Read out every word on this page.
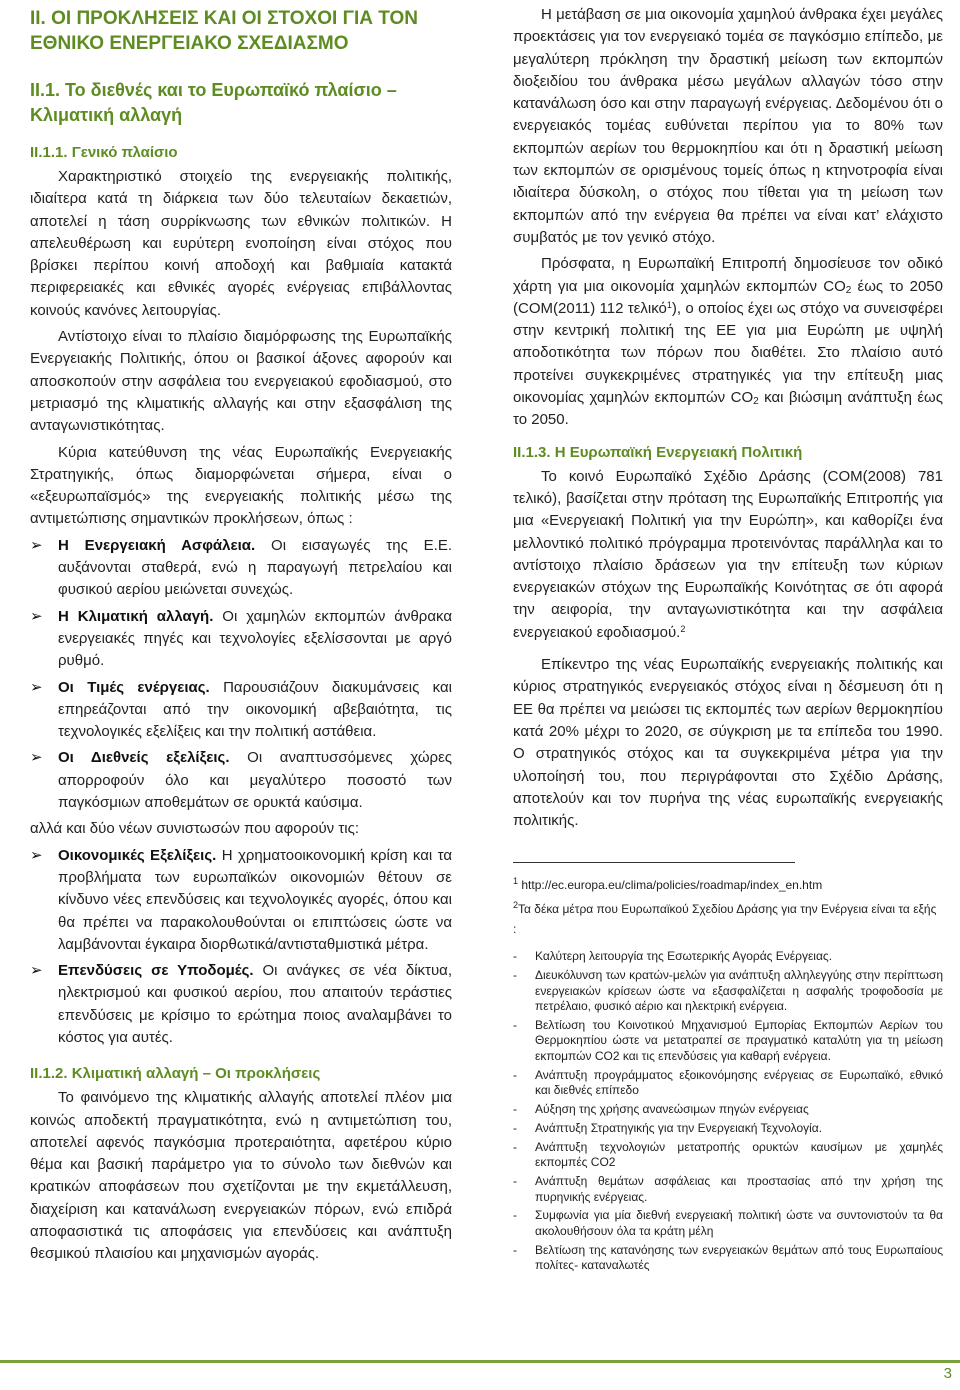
II. ΟΙ ΠΡΟΚΛΗΣΕΙΣ ΚΑΙ ΟΙ ΣΤΟΧΟΙ ΓΙΑ ΤΟΝ ΕΘΝΙΚΟ ΕΝΕΡΓΕΙΑΚΟ ΣΧΕΔΙΑΣΜΟ
ΙΙ.1. Το διεθνές και το Ευρωπαϊκό πλαίσιο – Κλιματική αλλαγή
ΙΙ.1.1. Γενικό πλαίσιο

Χαρακτηριστικό στοιχείο της ενεργειακής πολιτικής, ιδιαίτερα κατά τη διάρκεια των δύο τελευταίων δεκαετιών, αποτελεί η τάση συρρίκνωσης των εθνικών πολιτικών. Η απελευθέρωση και ευρύτερη ενοποίηση είναι στόχος που βρίσκει περίπου κοινή αποδοχή και βαθμιαία κατακτά περιφερειακές και εθνικές αγορές ενέργειας επιβάλλοντας κοινούς κανόνες λειτουργίας.

Αντίστοιχο είναι το πλαίσιο διαμόρφωσης της Ευρωπαϊκής Ενεργειακής Πολιτικής, όπου οι βασικοί άξονες αφορούν και αποσκοπούν στην ασφάλεια του ενεργειακού εφοδιασμού, στο μετριασμό της κλιματικής αλλαγής και στην εξασφάλιση της ανταγωνιστικότητας.

Κύρια κατεύθυνση της νέας Ευρωπαϊκής Ενεργειακής Στρατηγικής, όπως διαμορφώνεται σήμερα, είναι ο «εξευρωπαϊσμός» της ενεργειακής πολιτικής μέσω της αντιμετώπισης σημαντικών προκλήσεων, όπως :

➢ Η Ενεργειακή Ασφάλεια. Οι εισαγωγές της Ε.Ε. αυξάνονται σταθερά, ενώ η παραγωγή πετρελαίου και φυσικού αερίου μειώνεται συνεχώς.
➢ Η Κλιματική αλλαγή. Οι χαμηλών εκπομπών άνθρακα ενεργειακές πηγές και τεχνολογίες εξελίσσονται με αργό ρυθμό.
➢ Οι Τιμές ενέργειας. Παρουσιάζουν διακυμάνσεις και επηρεάζονται από την οικονομική αβεβαιότητα, τις τεχνολογικές εξελίξεις και την πολιτική αστάθεια.
➢ Οι Διεθνείς εξελίξεις. Οι αναπτυσσόμενες χώρες απορροφούν όλο και μεγαλύτερο ποσοστό των παγκόσμιων αποθεμάτων σε ορυκτά καύσιμα.

αλλά και δύο νέων συνιστωσών που αφορούν τις:

➢ Οικονομικές Εξελίξεις. Η χρηματοοικονομική κρίση και τα προβλήματα των ευρωπαϊκών οικονομιών θέτουν σε κίνδυνο νέες επενδύσεις και τεχνολογικές αγορές, όπου και θα πρέπει να παρακολουθούνται οι επιπτώσεις ώστε να λαμβάνονται έγκαιρα διορθωτικά/αντισταθμιστικά μέτρα.
➢ Επενδύσεις σε Υποδομές. Οι ανάγκες σε νέα δίκτυα, ηλεκτρισμού και φυσικού αερίου, που απαιτούν τεράστιες επενδύσεις με κρίσιμο το ερώτημα ποιος αναλαμβάνει το κόστος για αυτές.
ΙΙ.1.2. Κλιματική αλλαγή – Οι προκλήσεις

Το φαινόμενο της κλιματικής αλλαγής αποτελεί πλέον μια κοινώς αποδεκτή πραγματικότητα, ενώ η αντιμετώπιση του, αποτελεί αφενός παγκόσμια προτεραιότητα, αφετέρου κύριο θέμα και βασική παράμετρο για το σύνολο των διεθνών και κρατικών αποφάσεων που σχετίζονται με την εκμετάλλευση, διαχείριση και κατανάλωση ενεργειακών πόρων, ενώ επιδρά αποφασιστικά τις αποφάσεις για επενδύσεις και ανάπτυξη θεσμικού πλαισίου και μηχανισμών αγοράς.

Η μετάβαση σε μια οικονομία χαμηλού άνθρακα έχει μεγάλες προεκτάσεις για τον ενεργειακό τομέα σε παγκόσμιο επίπεδο, με μεγαλύτερη πρόκληση την δραστική μείωση των εκπομπών διοξειδίου του άνθρακα μέσω μεγάλων αλλαγών τόσο στην κατανάλωση όσο και στην παραγωγή ενέργειας. Δεδομένου ότι ο ενεργειακός τομέας ευθύνεται περίπου για το 80% των εκπομπών αερίων του θερμοκηπίου και ότι η δραστική μείωση των εκπομπών σε ορισμένους τομείς όπως η κτηνοτροφία είναι ιδιαίτερα δύσκολη, ο στόχος που τίθεται για τη μείωση των εκπομπών από την ενέργεια θα πρέπει να είναι κατ’ ελάχιστο συμβατός με τον γενικό στόχο.

Πρόσφατα, η Ευρωπαϊκή Επιτροπή δημοσίευσε τον οδικό χάρτη για μια οικονομία χαμηλών εκπομπών $CO_2$ έως το 2050 (COM(2011) 112 τελικό$^1$), ο οποίος έχει ως στόχο να συνεισφέρει στην κεντρική πολιτική της ΕΕ για μια Ευρώπη με υψηλή αποδοτικότητα των πόρων που διαθέτει. Στο πλαίσιο αυτό προτείνει συγκεκριμένες στρατηγικές για την επίτευξη μιας οικονομίας χαμηλών εκπομπών $CO_2$ και βιώσιμη ανάπτυξη έως το 2050.

ΙΙ.1.3. Η Ευρωπαϊκή Ενεργειακή Πολιτική

Το κοινό Ευρωπαϊκό Σχέδιο Δράσης (COM(2008) 781 τελικό), βασίζεται στην πρόταση της Ευρωπαϊκής Επιτροπής για μια «Ενεργειακή Πολιτική για την Ευρώπη», και καθορίζει ένα μελλοντικό πολιτικό πρόγραμμα προτεινόντας παράλληλα και το αντίστοιχο πλαίσιο δράσεων για την επίτευξη των κύριων ενεργειακών στόχων της Ευρωπαϊκής Κοινότητας σε ότι αφορά την αειφορία, την ανταγωνιστικότητα και την ασφάλεια ενεργειακού εφοδιασμού.$^2$

Επίκεντρο της νέας Ευρωπαϊκής ενεργειακής πολιτικής και κύριος στρατηγικός ενεργειακός στόχος είναι η δέσμευση ότι η ΕΕ θα πρέπει να μειώσει τις εκπομπές των αερίων θερμοκηπίου κατά 20% μέχρι το 2020, σε σύγκριση με τα επίπεδα του 1990. Ο στρατηγικός στόχος και τα συγκεκριμένα μέτρα για την υλοποίησή του, που περιγράφονται στο Σχέδιο Δράσης, αποτελούν και τον πυρήνα της νέας ευρωπαϊκής ενεργειακής πολιτικής.

$^1$ http://ec.europa.eu/clima/policies/roadmap/index_en.htm
$^2$Τα δέκα μέτρα που Ευρωπαϊκού Σχεδίου Δράσης για την Ενέργεια είναι τα εξής :
- Καλύτερη λειτουργία της Εσωτερικής Αγοράς Ενέργειας.
- Διευκόλυνση των κρατών-μελών για ανάπτυξη αλληλεγγύης στην περίπτωση ενεργειακών κρίσεων ώστε να εξασφαλίζεται η ασφαλής τροφοδοσία με πετρέλαιο, φυσικό αέριο και ηλεκτρική ενέργεια.
- Βελτίωση του Κοινοτικού Μηχανισμού Εμπορίας Εκπομπών Αερίων του Θερμοκηπίου ώστε να μετατραπεί σε πραγματικό καταλύτη για τη μείωση εκπομπών CO2 και τις επενδύσεις για καθαρή ενέργεια.
- Ανάπτυξη προγράμματος εξοικονόμησης ενέργειας σε Ευρωπαϊκό, εθνικό και διεθνές επίπεδο
- Αύξηση της χρήσης ανανεώσιμων πηγών ενέργειας
- Ανάπτυξη Στρατηγικής για την Ενεργειακή Τεχνολογία.
- Ανάπτυξη τεχνολογιών μετατροπής ορυκτών καυσίμων με χαμηλές εκπομπές CO2
- Ανάπτυξη θεμάτων ασφάλειας και προστασίας από την χρήση της πυρηνικής ενέργειας.
- Συμφωνία για μία διεθνή ενεργειακή πολιτική ώστε να συντονιστούν τα θα ακολουθήσουν όλα τα κράτη μέλη
- Βελτίωση της κατανόησης των ενεργειακών θεμάτων από τους Ευρωπαίους πολίτες- καταναλωτές
3
